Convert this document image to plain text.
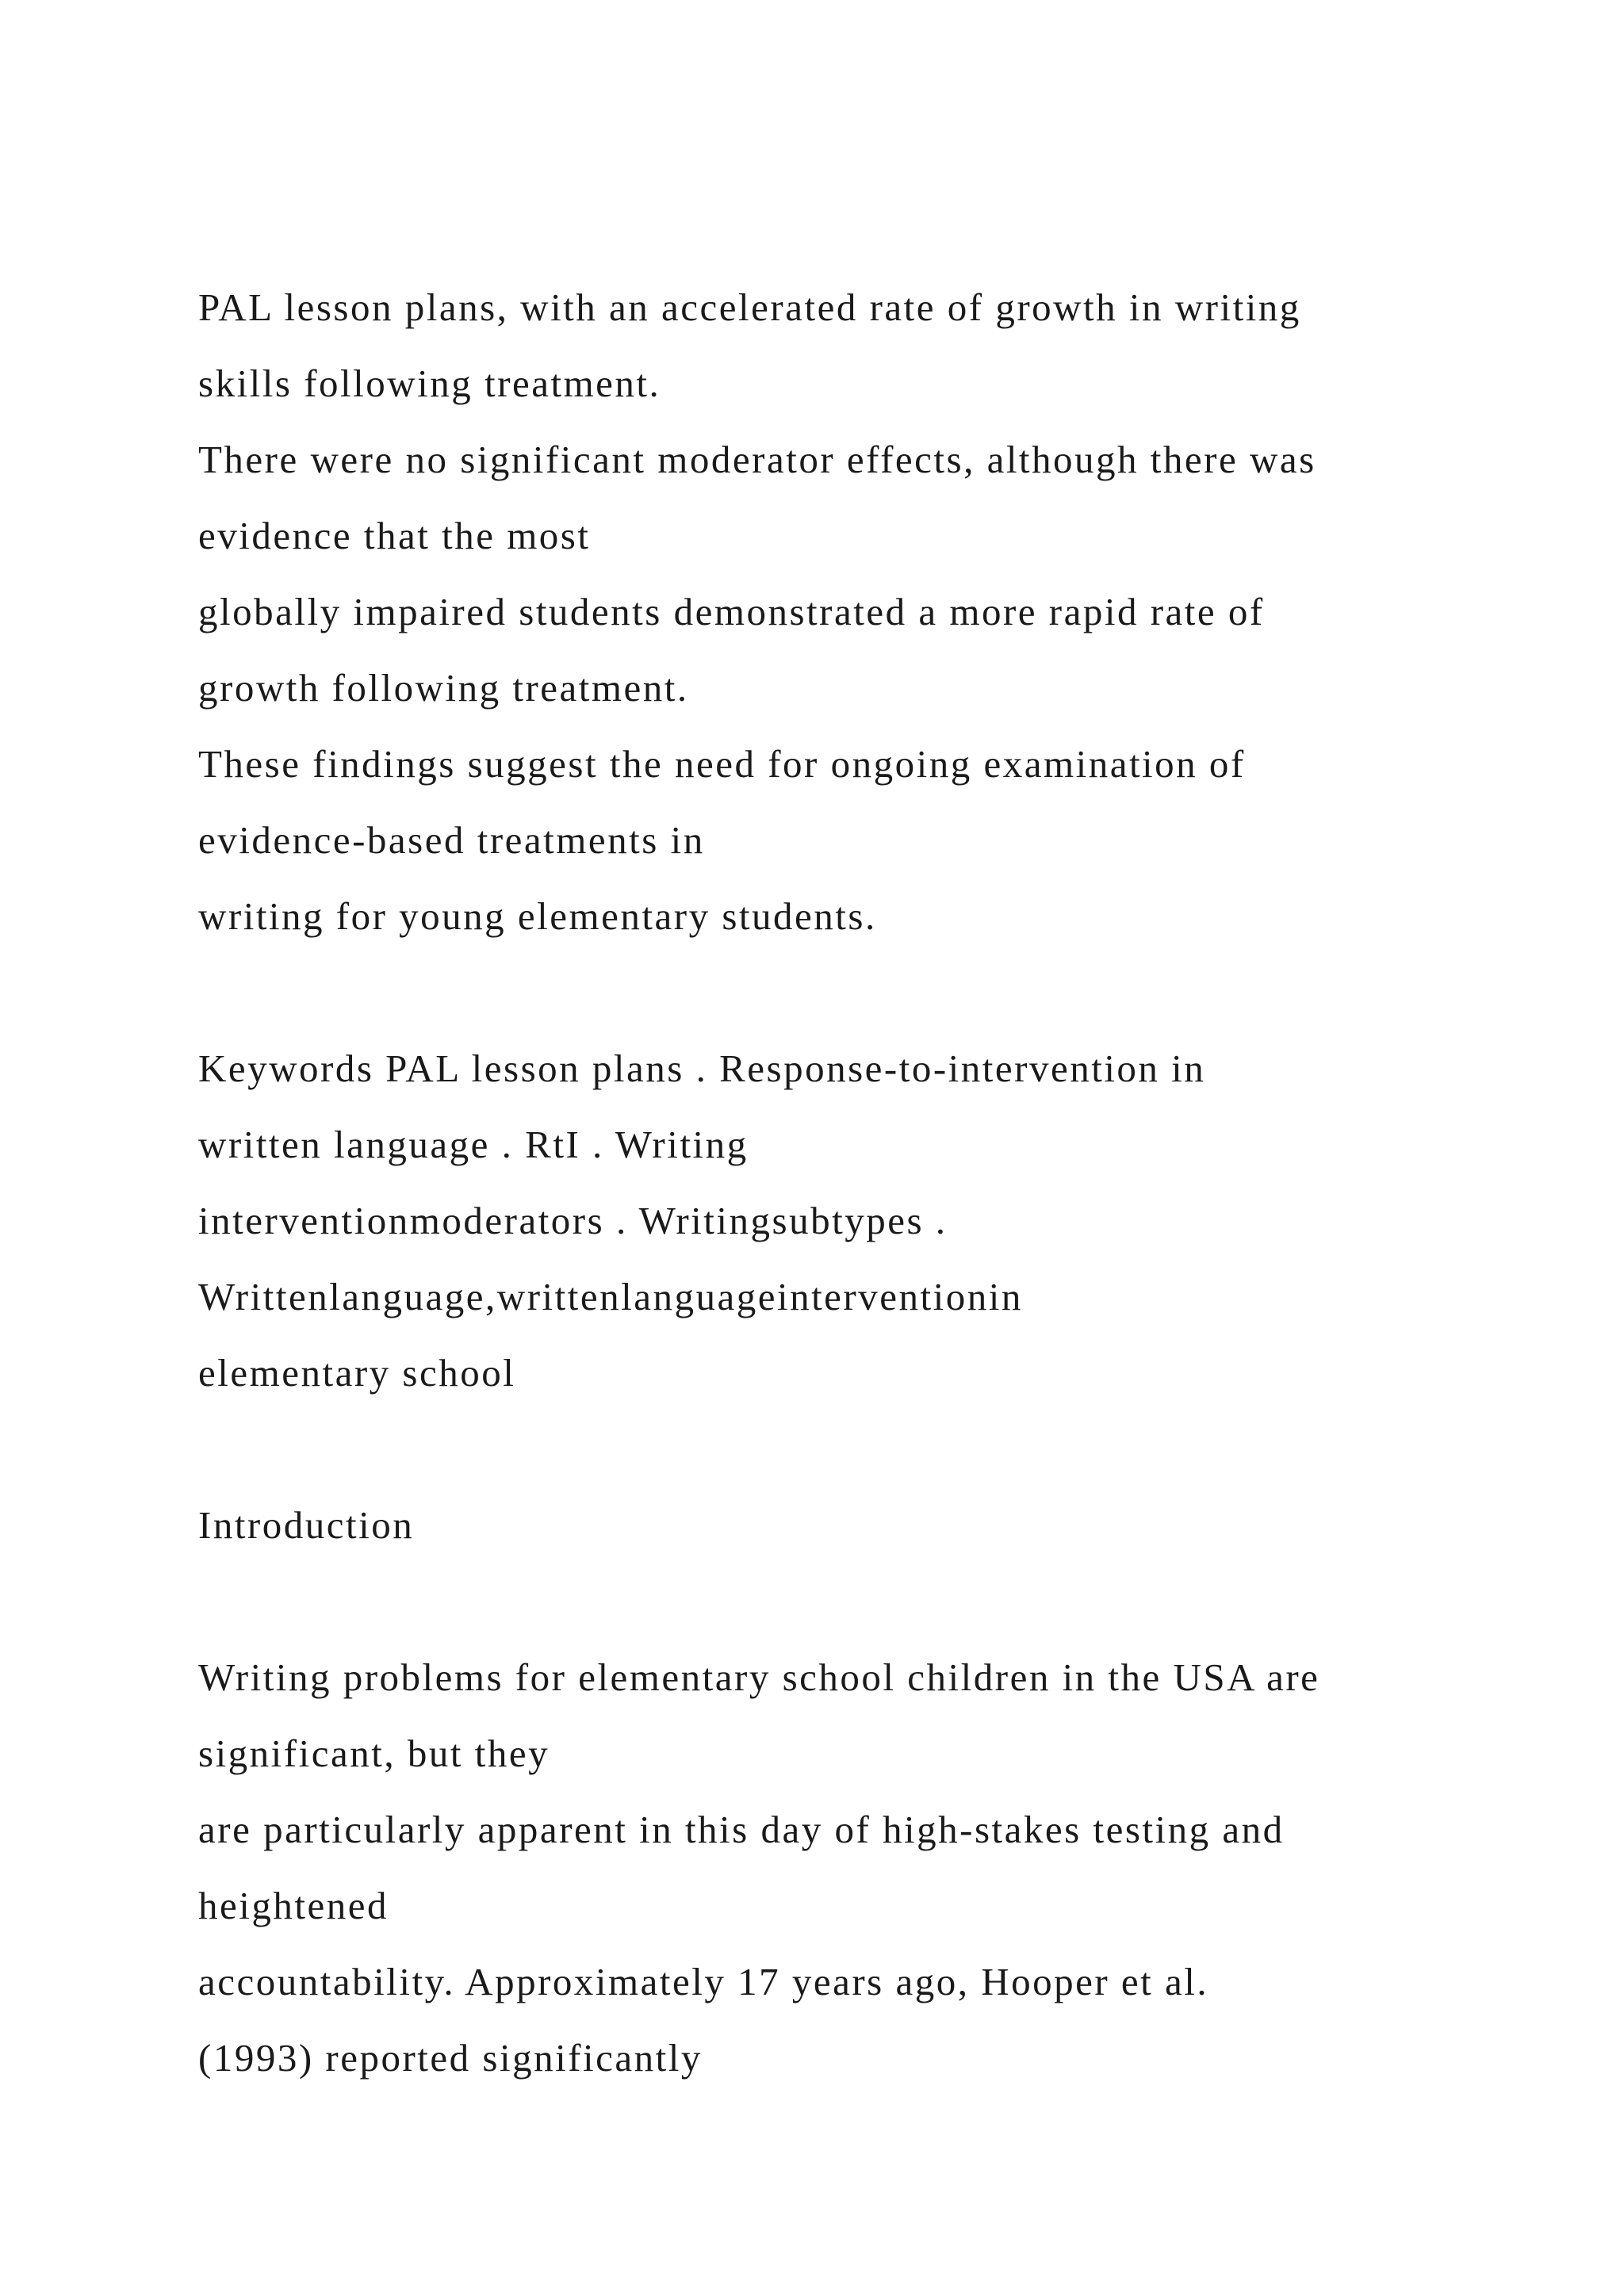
PAL lesson plans, with an accelerated rate of growth in writing
skills following treatment.
There were no significant moderator effects, although there was
evidence that the most
globally impaired students demonstrated a more rapid rate of
growth following treatment.
These findings suggest the need for ongoing examination of
evidence-based treatments in
writing for young elementary students.
Keywords PAL lesson plans . Response-to-intervention in
written language . RtI . Writing
interventionmoderators . Writingsubtypes .
Writtenlanguage,writtenlanguageinterventionin
elementary school
Introduction
Writing problems for elementary school children in the USA are
significant, but they
are particularly apparent in this day of high-stakes testing and
heightened
accountability. Approximately 17 years ago, Hooper et al.
(1993) reported significantly
